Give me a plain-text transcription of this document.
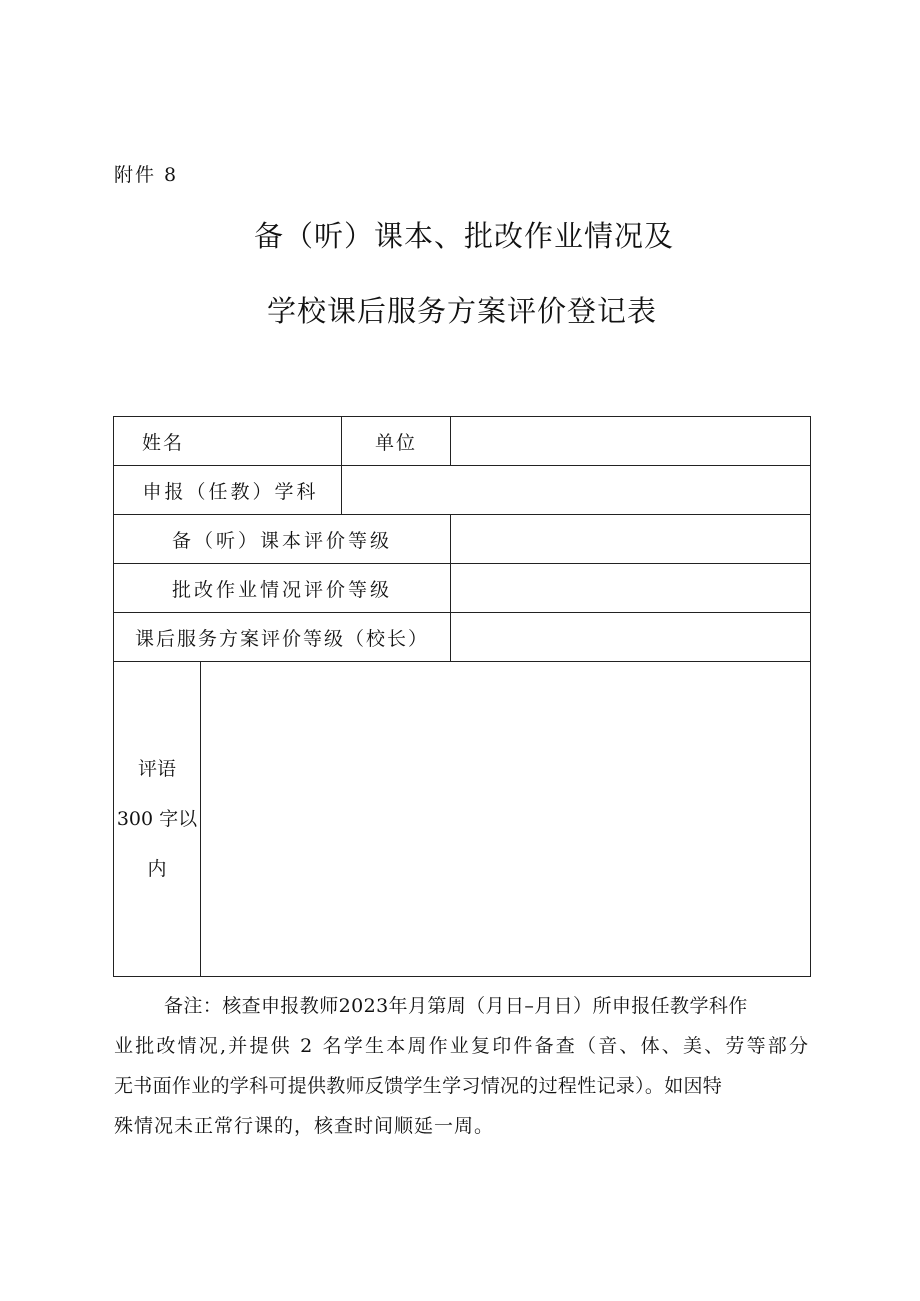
附件 8
备（听）课本、批改作业情况及
学校课后服务方案评价登记表
姓名		单位	
申报（任教）学科			
备（听）课本评价等级			
批改作业情况评价等级			
课后服务方案评价等级（校长）			

评语
300 字以
内			

备注：核查申报教师2023年月第周（月日–月日）所申报任教学科作
业批改情况,并提供 2 名学生本周作业复印件备查（音、体、美、劳等部分
无书面作业的学科可提供教师反馈学生学习情况的过程性记录）。如因特
殊情况未正常行课的，核查时间顺延一周。
